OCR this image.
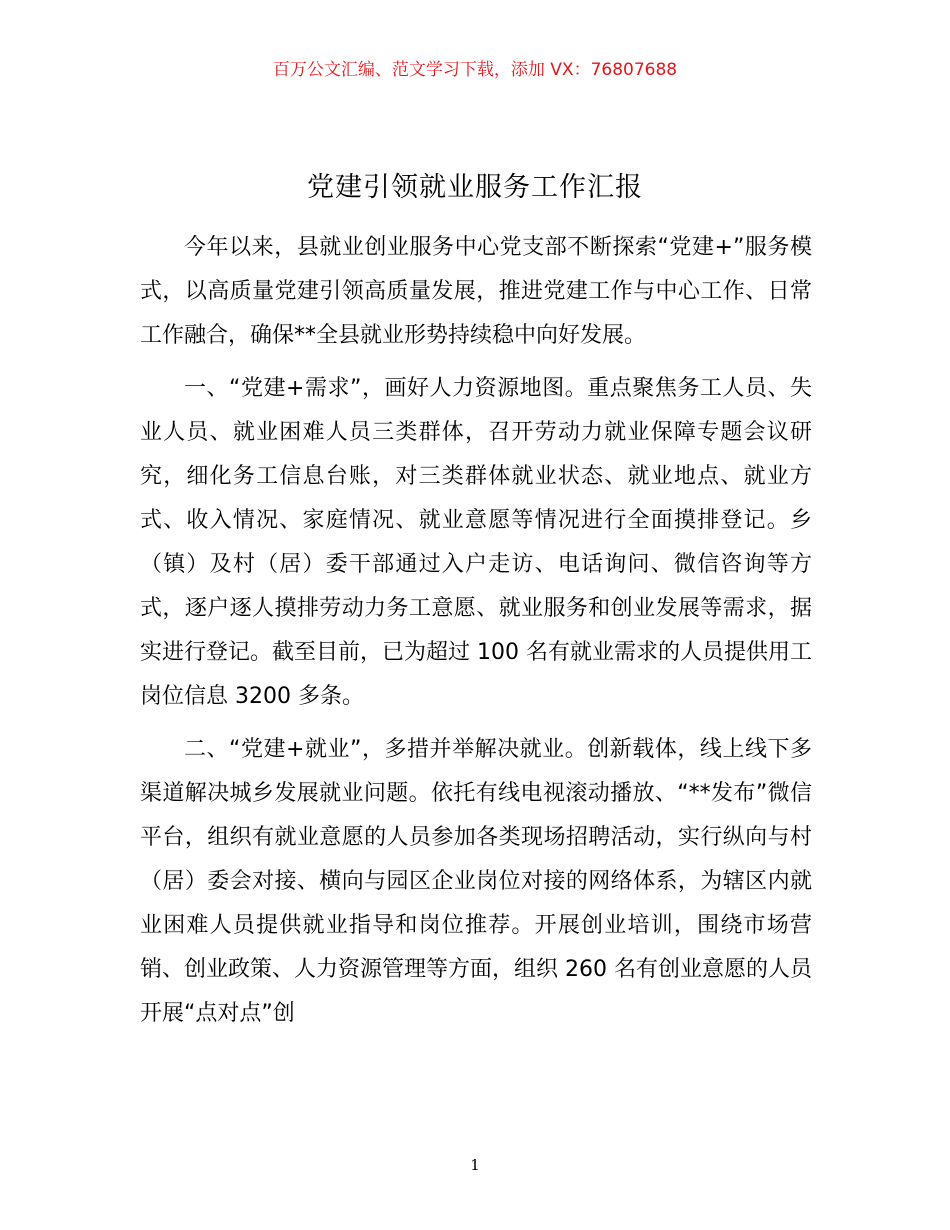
百万公文汇编、范文学习下载，添加 VX：76807688
党建引领就业服务工作汇报

今年以来，县就业创业服务中心党支部不断探索“党建+”服务模式，以高质量党建引领高质量发展，推进党建工作与中心工作、日常工作融合，确保**全县就业形势持续稳中向好发展。

一、“党建+需求”，画好人力资源地图。重点聚焦务工人员、失业人员、就业困难人员三类群体，召开劳动力就业保障专题会议研究，细化务工信息台账，对三类群体就业状态、就业地点、就业方式、收入情况、家庭情况、就业意愿等情况进行全面摸排登记。乡（镇）及村（居）委干部通过入户走访、电话询问、微信咨询等方式，逐户逐人摸排劳动力务工意愿、就业服务和创业发展等需求，据实进行登记。截至目前，已为超过 100 名有就业需求的人员提供用工岗位信息 3200 多条。

二、“党建+就业”，多措并举解决就业。创新载体，线上线下多渠道解决城乡发展就业问题。依托有线电视滚动播放、“**发布”微信平台，组织有就业意愿的人员参加各类现场招聘活动，实行纵向与村（居）委会对接、横向与园区企业岗位对接的网络体系，为辖区内就业困难人员提供就业指导和岗位推荐。开展创业培训，围绕市场营销、创业政策、人力资源管理等方面，组织 260 名有创业意愿的人员开展“点对点”创

1
